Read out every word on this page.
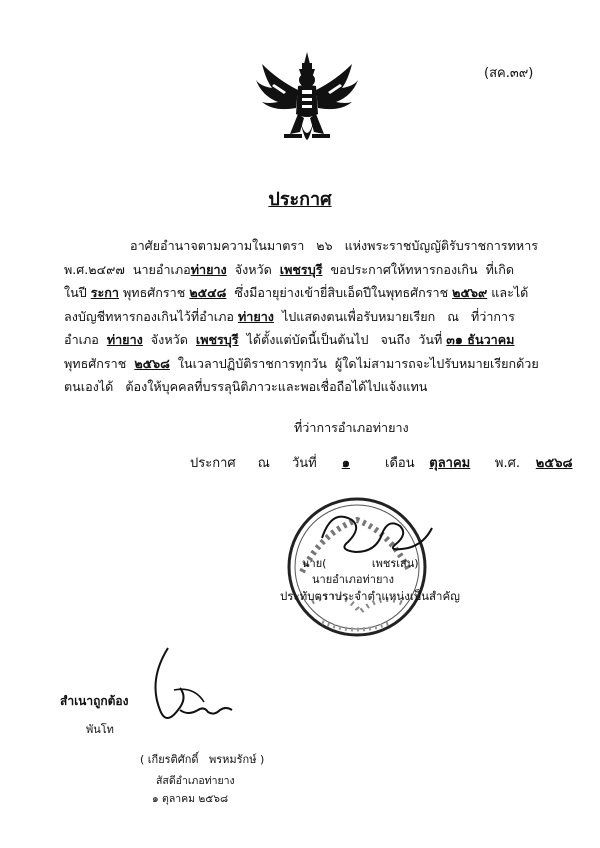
(สค.๓๙)
ประกาศ
อาศัยอำนาจตามความในมาตรา   ๒๖   แห่งพระราชบัญญัติรับราชการทหาร
พ.ศ.๒๔๙๗  นายอำเภอท่ายาง  จังหวัด  เพชรบุรี  ขอประกาศให้ทหารกองเกิน  ที่เกิด
ในปี ระกา พุทธศักราช ๒๕๔๘  ซึ่งมีอายุย่างเข้ายี่สิบเอ็ดปีในพุทธศักราช ๒๕๖๙ และได้
ลงบัญชีทหารกองเกินไว้ที่อำเภอ ท่ายาง  ไปแสดงตนเพื่อรับหมายเรียก   ณ   ที่ว่าการ
อำเภอ  ท่ายาง  จังหวัด  เพชรบุรี  ได้ตั้งแต่บัดนี้เป็นต้นไป   จนถึง  วันที่ ๓๑ ธันวาคม
พุทธศักราช  ๒๕๖๘  ในเวลาปฏิบัติราชการทุกวัน  ผู้ใดไม่สามารถจะไปรับหมายเรียกด้วย
ตนเองได้   ต้องให้บุคคลที่บรรลุนิติภาวะและพอเชื่อถือได้ไปแจ้งแทน
ที่ว่าการอำเภอท่ายาง
ประกาศ ณ วันที่ ๑	เดือน ตุลาคม พ.ศ. ๒๕๖๘
นาย(             เพชรเสน)
นายอำเภอท่ายาง
ประทับตราประจำตำแหน่งเป็นสำคัญ
สำเนาถูกต้อง
พันโท
( เกียรติศักดิ์   พรหมรักษ์ )
สัสดีอำเภอท่ายาง
๑ ตุลาคม ๒๕๖๘
